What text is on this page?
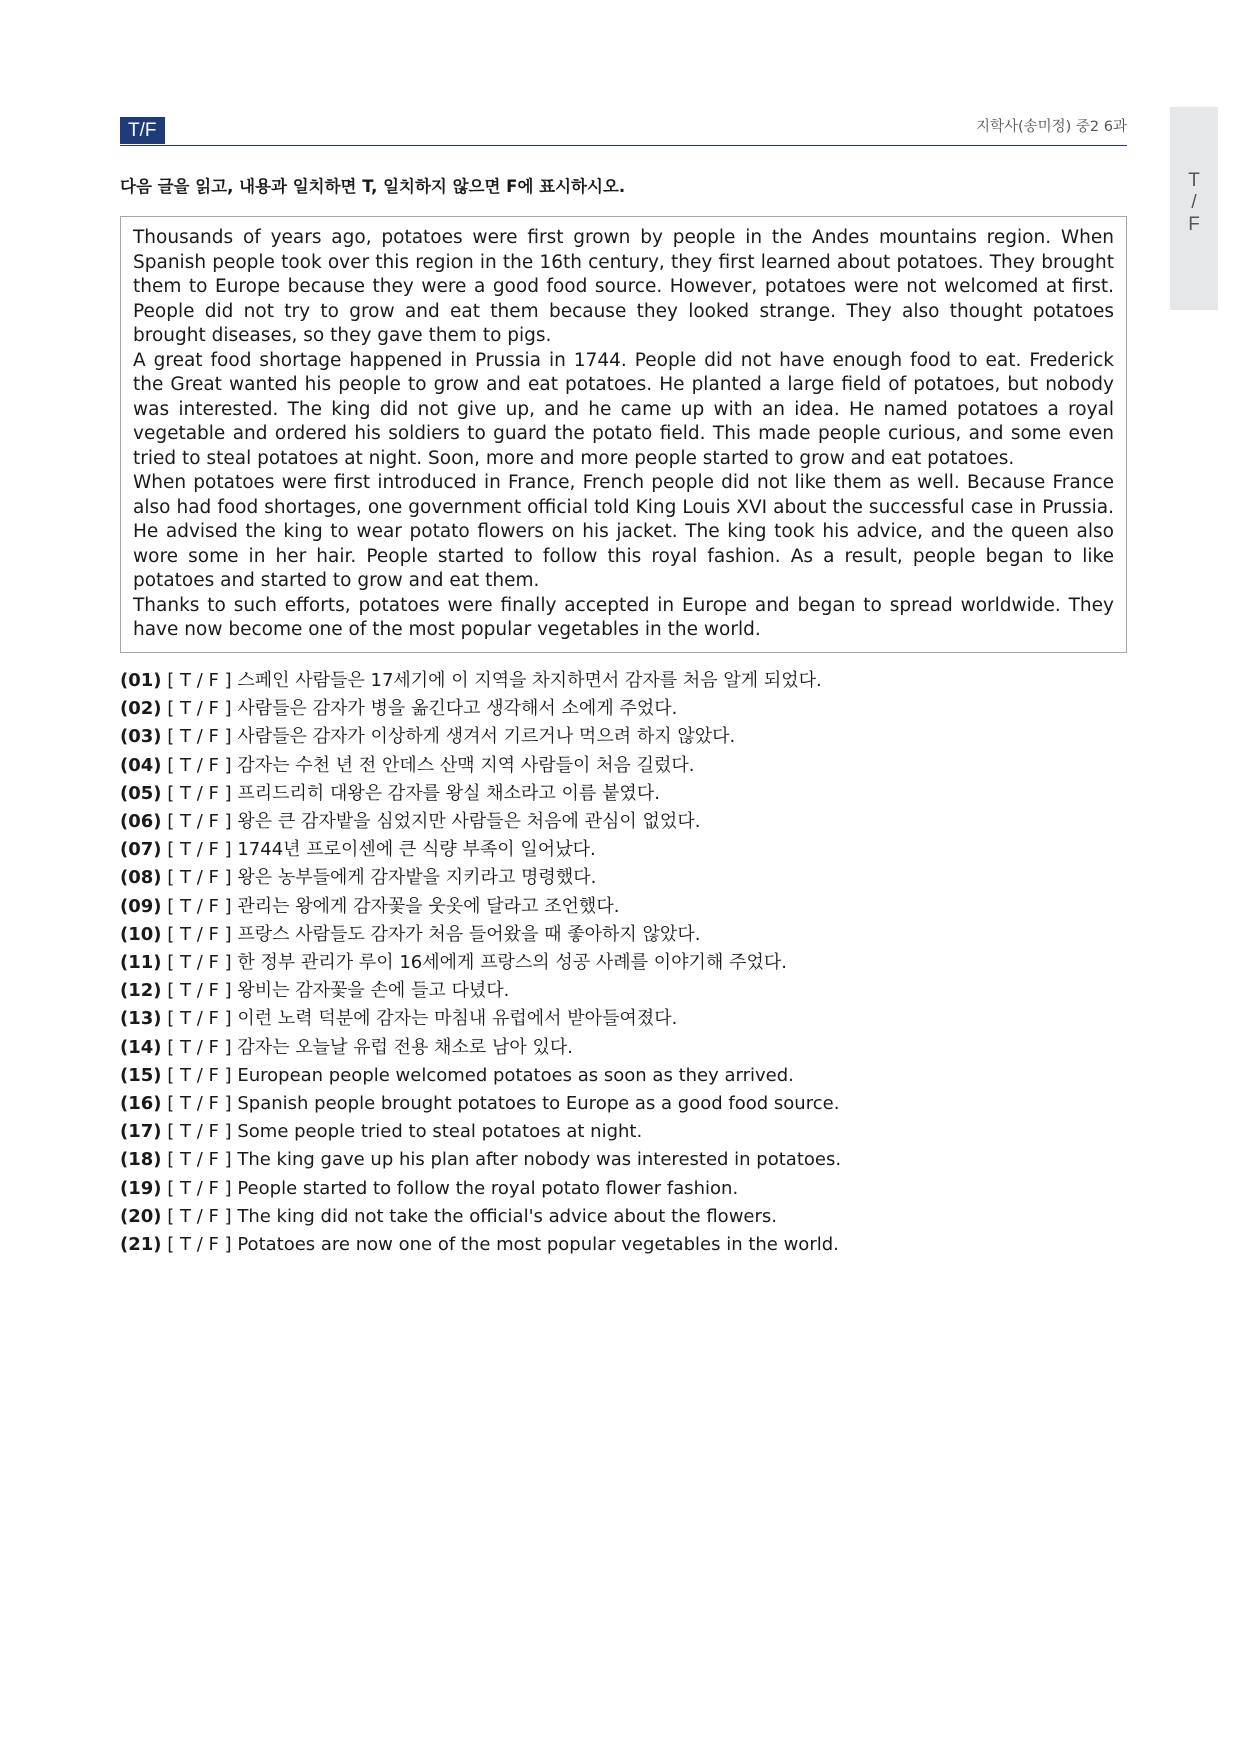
T/F	지학사(송미정) 중2 6과
T
/
F
다음 글을 읽고, 내용과 일치하면 T, 일치하지 않으면 F에 표시하시오.

Thousands of years ago, potatoes were first grown by people in the Andes mountains region. When Spanish people took over this region in the 16th century, they first learned about potatoes. They brought them to Europe because they were a good food source. However, potatoes were not welcomed at first. People did not try to grow and eat them because they looked strange. They also thought potatoes brought diseases, so they gave them to pigs.

A great food shortage happened in Prussia in 1744. People did not have enough food to eat. Frederick the Great wanted his people to grow and eat potatoes. He planted a large field of potatoes, but nobody was interested. The king did not give up, and he came up with an idea. He named potatoes a royal vegetable and ordered his soldiers to guard the potato field. This made people curious, and some even tried to steal potatoes at night. Soon, more and more people started to grow and eat potatoes.

When potatoes were first introduced in France, French people did not like them as well. Because France also had food shortages, one government official told King Louis XVI about the successful case in Prussia. He advised the king to wear potato flowers on his jacket. The king took his advice, and the queen also wore some in her hair. People started to follow this royal fashion. As a result, people began to like potatoes and started to grow and eat them.

Thanks to such efforts, potatoes were finally accepted in Europe and began to spread worldwide. They have now become one of the most popular vegetables in the world.

(01) [ T / F ] 스페인 사람들은 17세기에 이 지역을 차지하면서 감자를 처음 알게 되었다.
(02) [ T / F ] 사람들은 감자가 병을 옮긴다고 생각해서 소에게 주었다.
(03) [ T / F ] 사람들은 감자가 이상하게 생겨서 기르거나 먹으려 하지 않았다.
(04) [ T / F ] 감자는 수천 년 전 안데스 산맥 지역 사람들이 처음 길렀다.
(05) [ T / F ] 프리드리히 대왕은 감자를 왕실 채소라고 이름 붙였다.
(06) [ T / F ] 왕은 큰 감자밭을 심었지만 사람들은 처음에 관심이 없었다.
(07) [ T / F ] 1744년 프로이센에 큰 식량 부족이 일어났다.
(08) [ T / F ] 왕은 농부들에게 감자밭을 지키라고 명령했다.
(09) [ T / F ] 관리는 왕에게 감자꽃을 웃옷에 달라고 조언했다.
(10) [ T / F ] 프랑스 사람들도 감자가 처음 들어왔을 때 좋아하지 않았다.
(11) [ T / F ] 한 정부 관리가 루이 16세에게 프랑스의 성공 사례를 이야기해 주었다.
(12) [ T / F ] 왕비는 감자꽃을 손에 들고 다녔다.
(13) [ T / F ] 이런 노력 덕분에 감자는 마침내 유럽에서 받아들여졌다.
(14) [ T / F ] 감자는 오늘날 유럽 전용 채소로 남아 있다.
(15) [ T / F ] European people welcomed potatoes as soon as they arrived.
(16) [ T / F ] Spanish people brought potatoes to Europe as a good food source.
(17) [ T / F ] Some people tried to steal potatoes at night.
(18) [ T / F ] The king gave up his plan after nobody was interested in potatoes.
(19) [ T / F ] People started to follow the royal potato flower fashion.
(20) [ T / F ] The king did not take the official's advice about the flowers.
(21) [ T / F ] Potatoes are now one of the most popular vegetables in the world.
